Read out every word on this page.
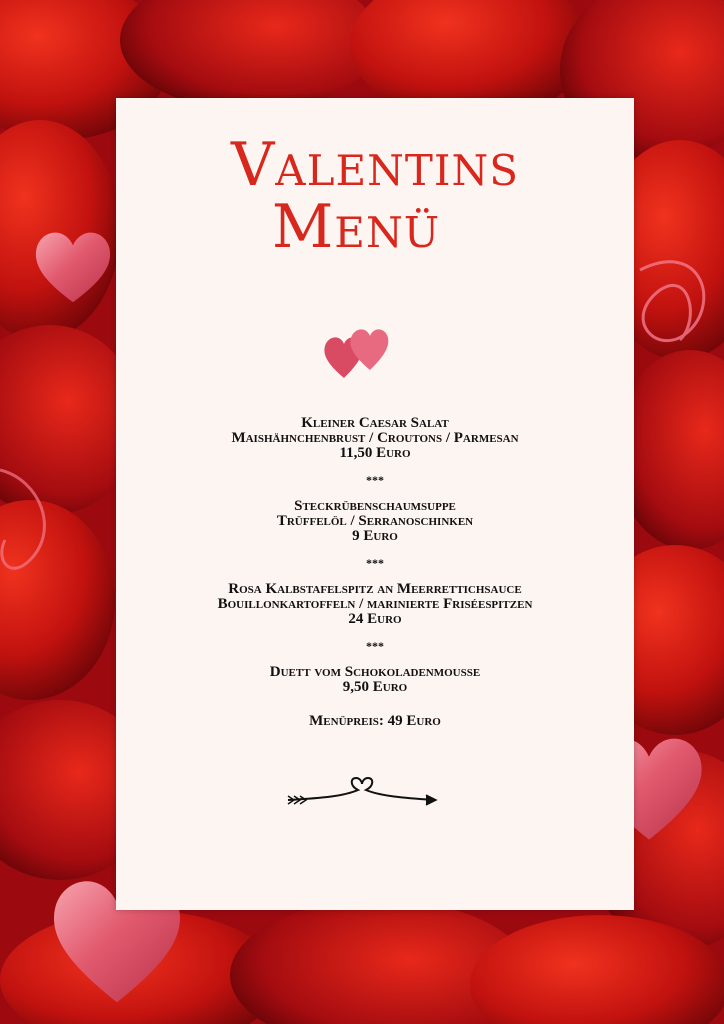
Valentins
Menü
Kleiner Caesar Salat
Maishähnchenbrust / Croutons / Parmesan
11,50 Euro
***
Steckrübenschaumsuppe
Trüffelöl / Serranoschinken
9 Euro
***
Rosa Kalbstafelspitz an Meerrettichsauce
Bouillonkartoffeln / marinierte Friséespitzen
24 Euro
***
Duett vom Schokoladenmousse
9,50 Euro
Menüpreis: 49 Euro
